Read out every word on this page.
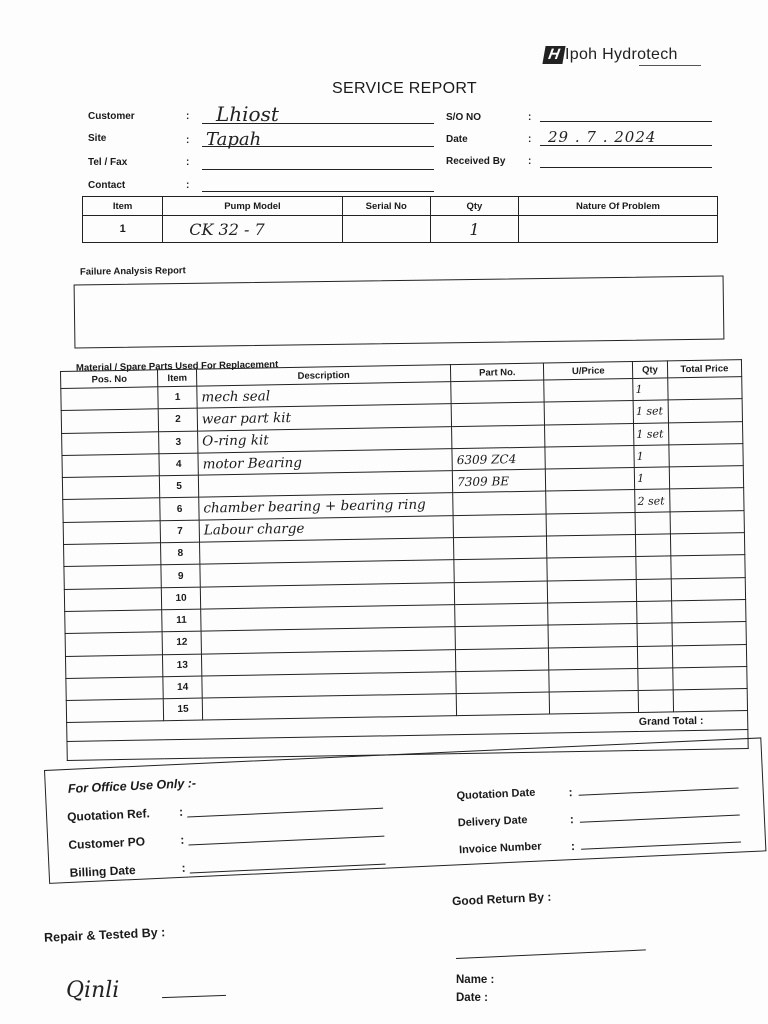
H Ipoh Hydrotech
SERVICE REPORT
Customer	: Lhiost
Site	: Tapah
Tel / Fax	:
Contact	:
S/O NO	:
Date	: 29 . 7 . 2024
Received By :
Item	Pump Model	Serial No	Qty	Nature Of Problem
1	CK 32 - 7		1	
Failure Analysis Report
Material / Spare Parts Used For Replacement
Pos. No	Item	Description	Part No.	U/Price	Qty	Total Price
	1	mech seal			1	
	2	wear part kit			1 set	
	3	O-ring kit			1 set	
	4	motor Bearing	6309 ZC4		1	
	5		7309 BE		1	
	6	chamber bearing + bearing ring			2 set	
	7	Labour charge				
	8					
	9					
	10					
	11					
	12					
	13					
	14					
	15					
					Grand Total :	

For Office Use Only :-
Quotation Ref. :
Customer PO	:
Billing Date	:
Quotation Date	:
Delivery Date	:
Invoice Number :
Repair & Tested By :
Qinli
Good Return By :
Name :
Date :
